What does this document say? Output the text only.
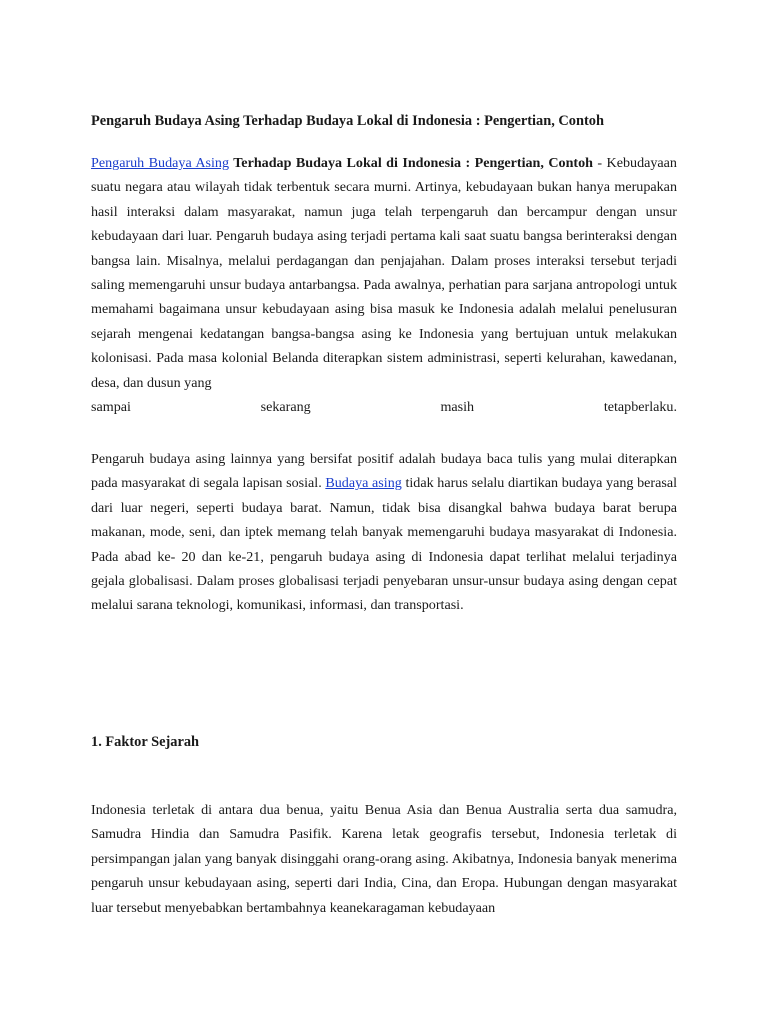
Pengaruh Budaya Asing Terhadap Budaya Lokal di Indonesia : Pengertian, Contoh

Pengaruh Budaya Asing Terhadap Budaya Lokal di Indonesia : Pengertian, Contoh - Kebudayaan suatu negara atau wilayah tidak terbentuk secara murni. Artinya, kebudayaan bukan hanya merupakan hasil interaksi dalam masyarakat, namun juga telah terpengaruh dan bercampur dengan unsur kebudayaan dari luar. Pengaruh budaya asing terjadi pertama kali saat suatu bangsa berinteraksi dengan bangsa lain. Misalnya, melalui perdagangan dan penjajahan. Dalam proses interaksi tersebut terjadi saling memengaruhi unsur budaya antarbangsa. Pada awalnya, perhatian para sarjana antropologi untuk memahami bagaimana unsur kebudayaan asing bisa masuk ke Indonesia adalah melalui penelusuran sejarah mengenai kedatangan bangsa-bangsa asing ke Indonesia yang bertujuan untuk melakukan kolonisasi. Pada masa kolonial Belanda diterapkan sistem administrasi, seperti kelurahan, kawedanan, desa, dan dusun yang

sampai sekarang masih tetapberlaku.

Pengaruh budaya asing lainnya yang bersifat positif adalah budaya baca tulis yang mulai diterapkan pada masyarakat di segala lapisan sosial. Budaya asing tidak harus selalu diartikan budaya yang berasal dari luar negeri, seperti budaya barat. Namun, tidak bisa disangkal bahwa budaya barat berupa makanan, mode, seni, dan iptek memang telah banyak memengaruhi budaya masyarakat di Indonesia. Pada abad ke- 20 dan ke-21, pengaruh budaya asing di Indonesia dapat terlihat melalui terjadinya gejala globalisasi. Dalam proses globalisasi terjadi penyebaran unsur-unsur budaya asing dengan cepat melalui sarana teknologi, komunikasi, informasi, dan transportasi.

1. Faktor Sejarah

Indonesia terletak di antara dua benua, yaitu Benua Asia dan Benua Australia serta dua samudra, Samudra Hindia dan Samudra Pasifik. Karena letak geografis tersebut, Indonesia terletak di persimpangan jalan yang banyak disinggahi orang-orang asing. Akibatnya, Indonesia banyak menerima pengaruh unsur kebudayaan asing, seperti dari India, Cina, dan Eropa. Hubungan dengan masyarakat luar tersebut menyebabkan bertambahnya keanekaragaman kebudayaan
